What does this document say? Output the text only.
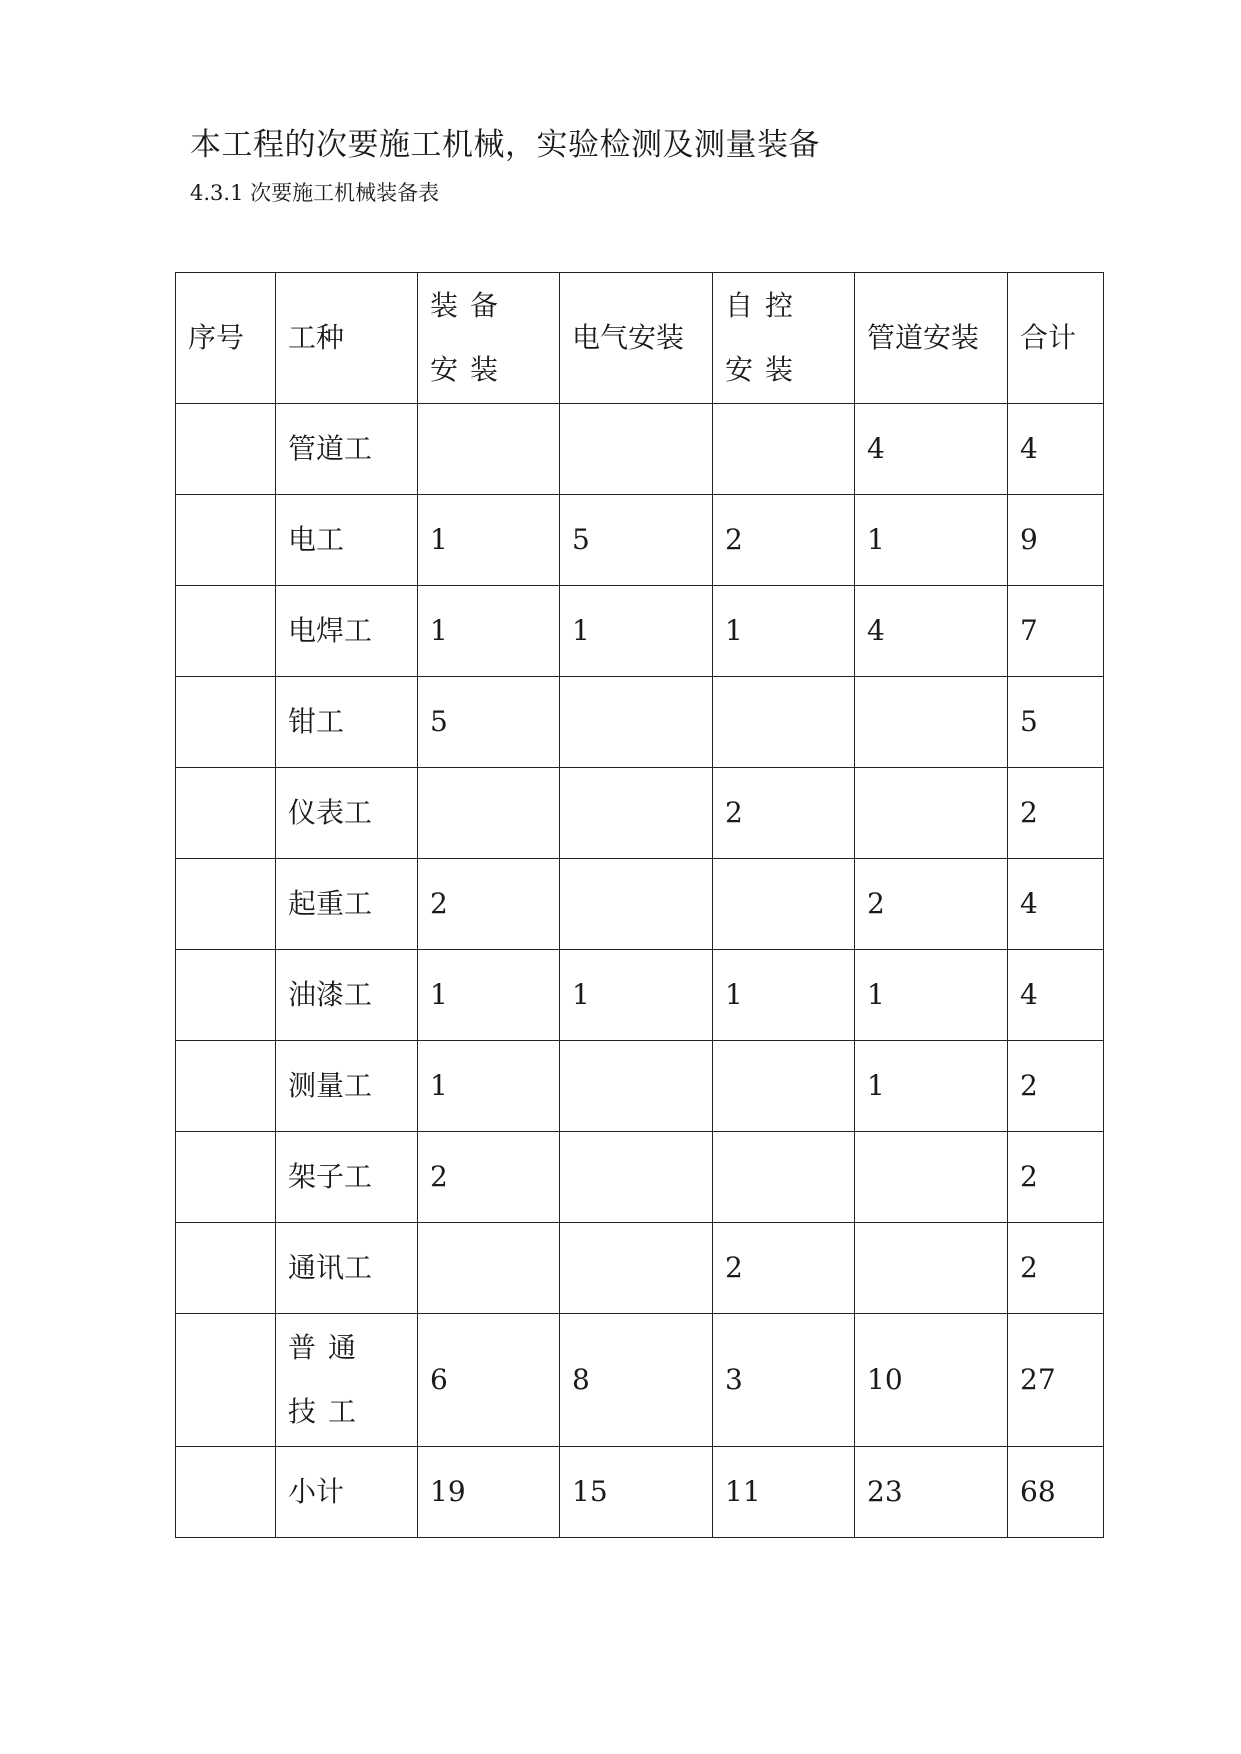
本工程的次要施工机械，实验检测及测量装备
4.3.1 次要施工机械装备表
序号	工种	装备安装	电气安装	自控安装	管道安装	合计
	管道工				4	4
	电工	1	5	2	1	9
	电焊工	1	1	1	4	7
	钳工	5				5
	仪表工			2		2
	起重工	2			2	4
	油漆工	1	1	1	1	4
	测量工	1			1	2
	架子工	2				2
	通讯工			2		2

	普通技工	6	8	3	10	27
	小计	19	15	11	23	68
